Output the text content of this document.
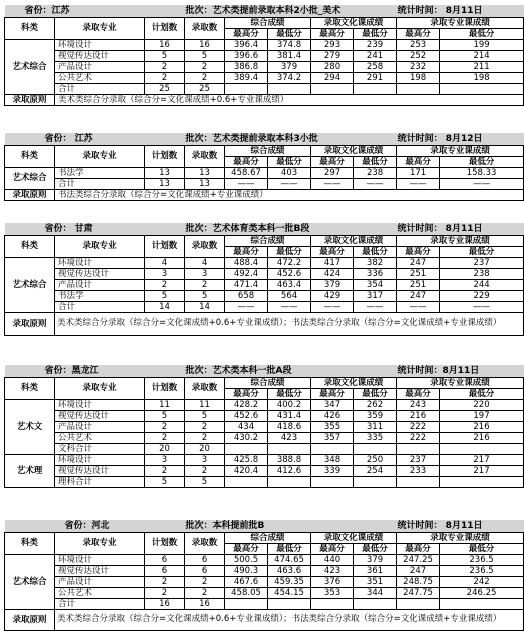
省份：江苏			批次：艺术类提前录取本科2小批_美术					统计时间： 8月11日	
科类	录取专业	计划数	录取数	综合成绩		录取文化课成绩		录取专业课成绩	
				最高分	最低分	最高分	最低分	最高分	最低分
艺术综合	环境设计	16	16	396.4	374.8	293	239	253	199
	视觉传达设计	5	5	396.6	381.4	279	241	252	214
	产品设计	2	2	386.8	379	280	258	232	211
	公共艺术	2	2	389.4	374.2	294	291	198	198
	合计	25	25						
录取原则	美术类综合分录取（综合分=文化课成绩+0.6+专业课成绩）								
省份： 江苏			批次：艺术类提前录取本科3小批					统计时间： 8月12日	
科类	录取专业	计划数	录取数	综合成绩		录取文化课成绩		录取专业课成绩	
				最高分	最低分	最高分	最低分	最高分	最低分
艺术综合	书法学	13	13	458.67	403	297	238	171	158.33
	合计	13	13	——	——	——	——	——	——
录取原则	书法类综合分录取（综合分=文化课成绩+专业课成绩）								
省份： 甘肃			批次：艺术体育类本科一批B段					统计时间： 8月11日	
科类	录取专业	计划数	录取数	综合成绩		录取文化课成绩		录取专业课成绩	
				最高分	最低分	最高分	最低分	最高分	最低分
艺术综合	环境设计	4	4	488.4	472.2	417	382	247	237
	视觉传达设计	3	3	492.4	452.6	424	336	251	238
	产品设计	2	2	471.4	463.4	379	354	251	244
	书法学	5	5	658	564	429	317	247	229
	合计	14	14	——	——	——	——	——	——
录取原则	美术类综合分录取（综合分=文化课成绩+0.6+专业课成绩）；书法类综合分录取（综合分=文化课成绩+专业课成绩）								
省份：黑龙江			批次：艺术类本科一批A段					统计时间：8月11日	
科类	录取专业	计划数	录取数	综合成绩		录取文化课成绩		录取专业课成绩	
				最高分	最低分	最高分	最低分	最高分	最低分
艺术文	环境设计	11	11	428.2	400.2	347	262	243	220
	视觉传达设计	5	5	452.6	431.4	426	359	216	197
	产品设计	2	2	434	418.6	355	311	222	216
	公共艺术	2	2	430.2	423	357	335	222	216
	文科合计	20	20						
艺术理	环境设计	3	3	425.8	388.8	348	250	237	217
	视觉传达设计	2	2	420.4	412.6	339	254	233	217
	理科合计	5	5						
省份：河北			批次：本科提前批B					统计时间： 8月11日	
科类	录取专业	计划数	录取数	综合成绩		录取文化课成绩		录取专业课成绩	
				最高分	最低分	最高分	最低分	最高分	最低分
艺术综合	环境设计	6	6	500.5	474.65	440	379	247.25	236.5
	视觉传达设计	6	6	490.3	463.6	423	361	247	236.5
	产品设计	2	2	467.6	459.35	376	351	248.75	242
	公共艺术	2	2	458.05	454.15	353	344	247.75	246.25
	合计	16	16						
录取原则	美术类综合分录取（综合分=文化课成绩+0.6+专业课成绩）；书法类综合分录取（综合分=文化课成绩+专业课成绩）								
